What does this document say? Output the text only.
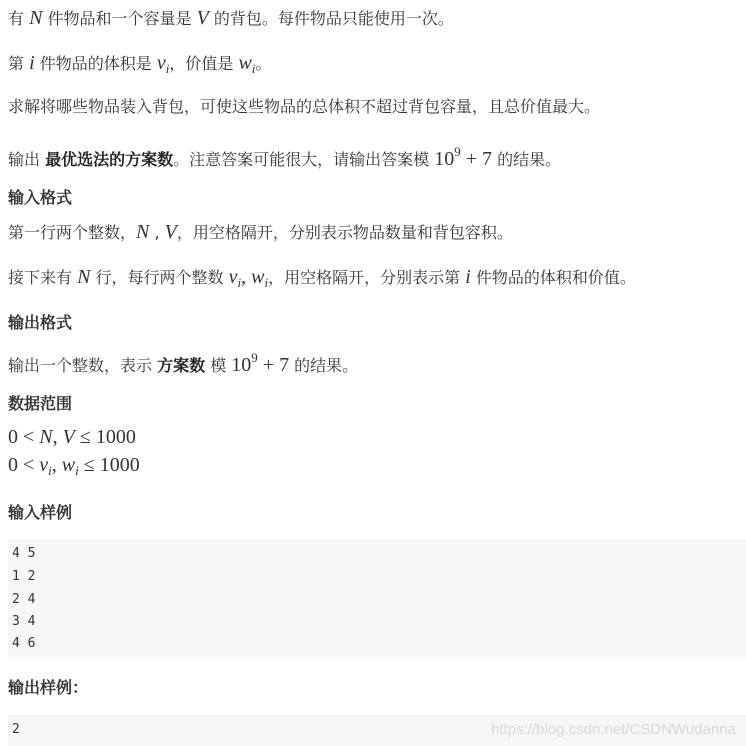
有 N 件物品和一个容量是 V 的背包。每件物品只能使用一次。
第 i 件物品的体积是 $v_i$，价值是 $w_i$。
求解将哪些物品装入背包，可使这些物品的总体积不超过背包容量，且总价值最大。
输出 最优选法的方案数。注意答案可能很大，请输出答案模 $10^9 + 7$ 的结果。
输入格式
第一行两个整数，N , V，用空格隔开，分别表示物品数量和背包容积。
接下来有 N 行，每行两个整数 $v_i$, $w_i$，用空格隔开，分别表示第 i 件物品的体积和价值。
输出格式
输出一个整数，表示 方案数 模 $10^9 + 7$ 的结果。
数据范围
0 < N, V ≤ 1000
$0 < v_i$, $w_i \le 1000$
输入样例
4 5
1 2
2 4
3 4
4 6
输出样例：
2	https://blog.csdn.net/CSDNWudanna
